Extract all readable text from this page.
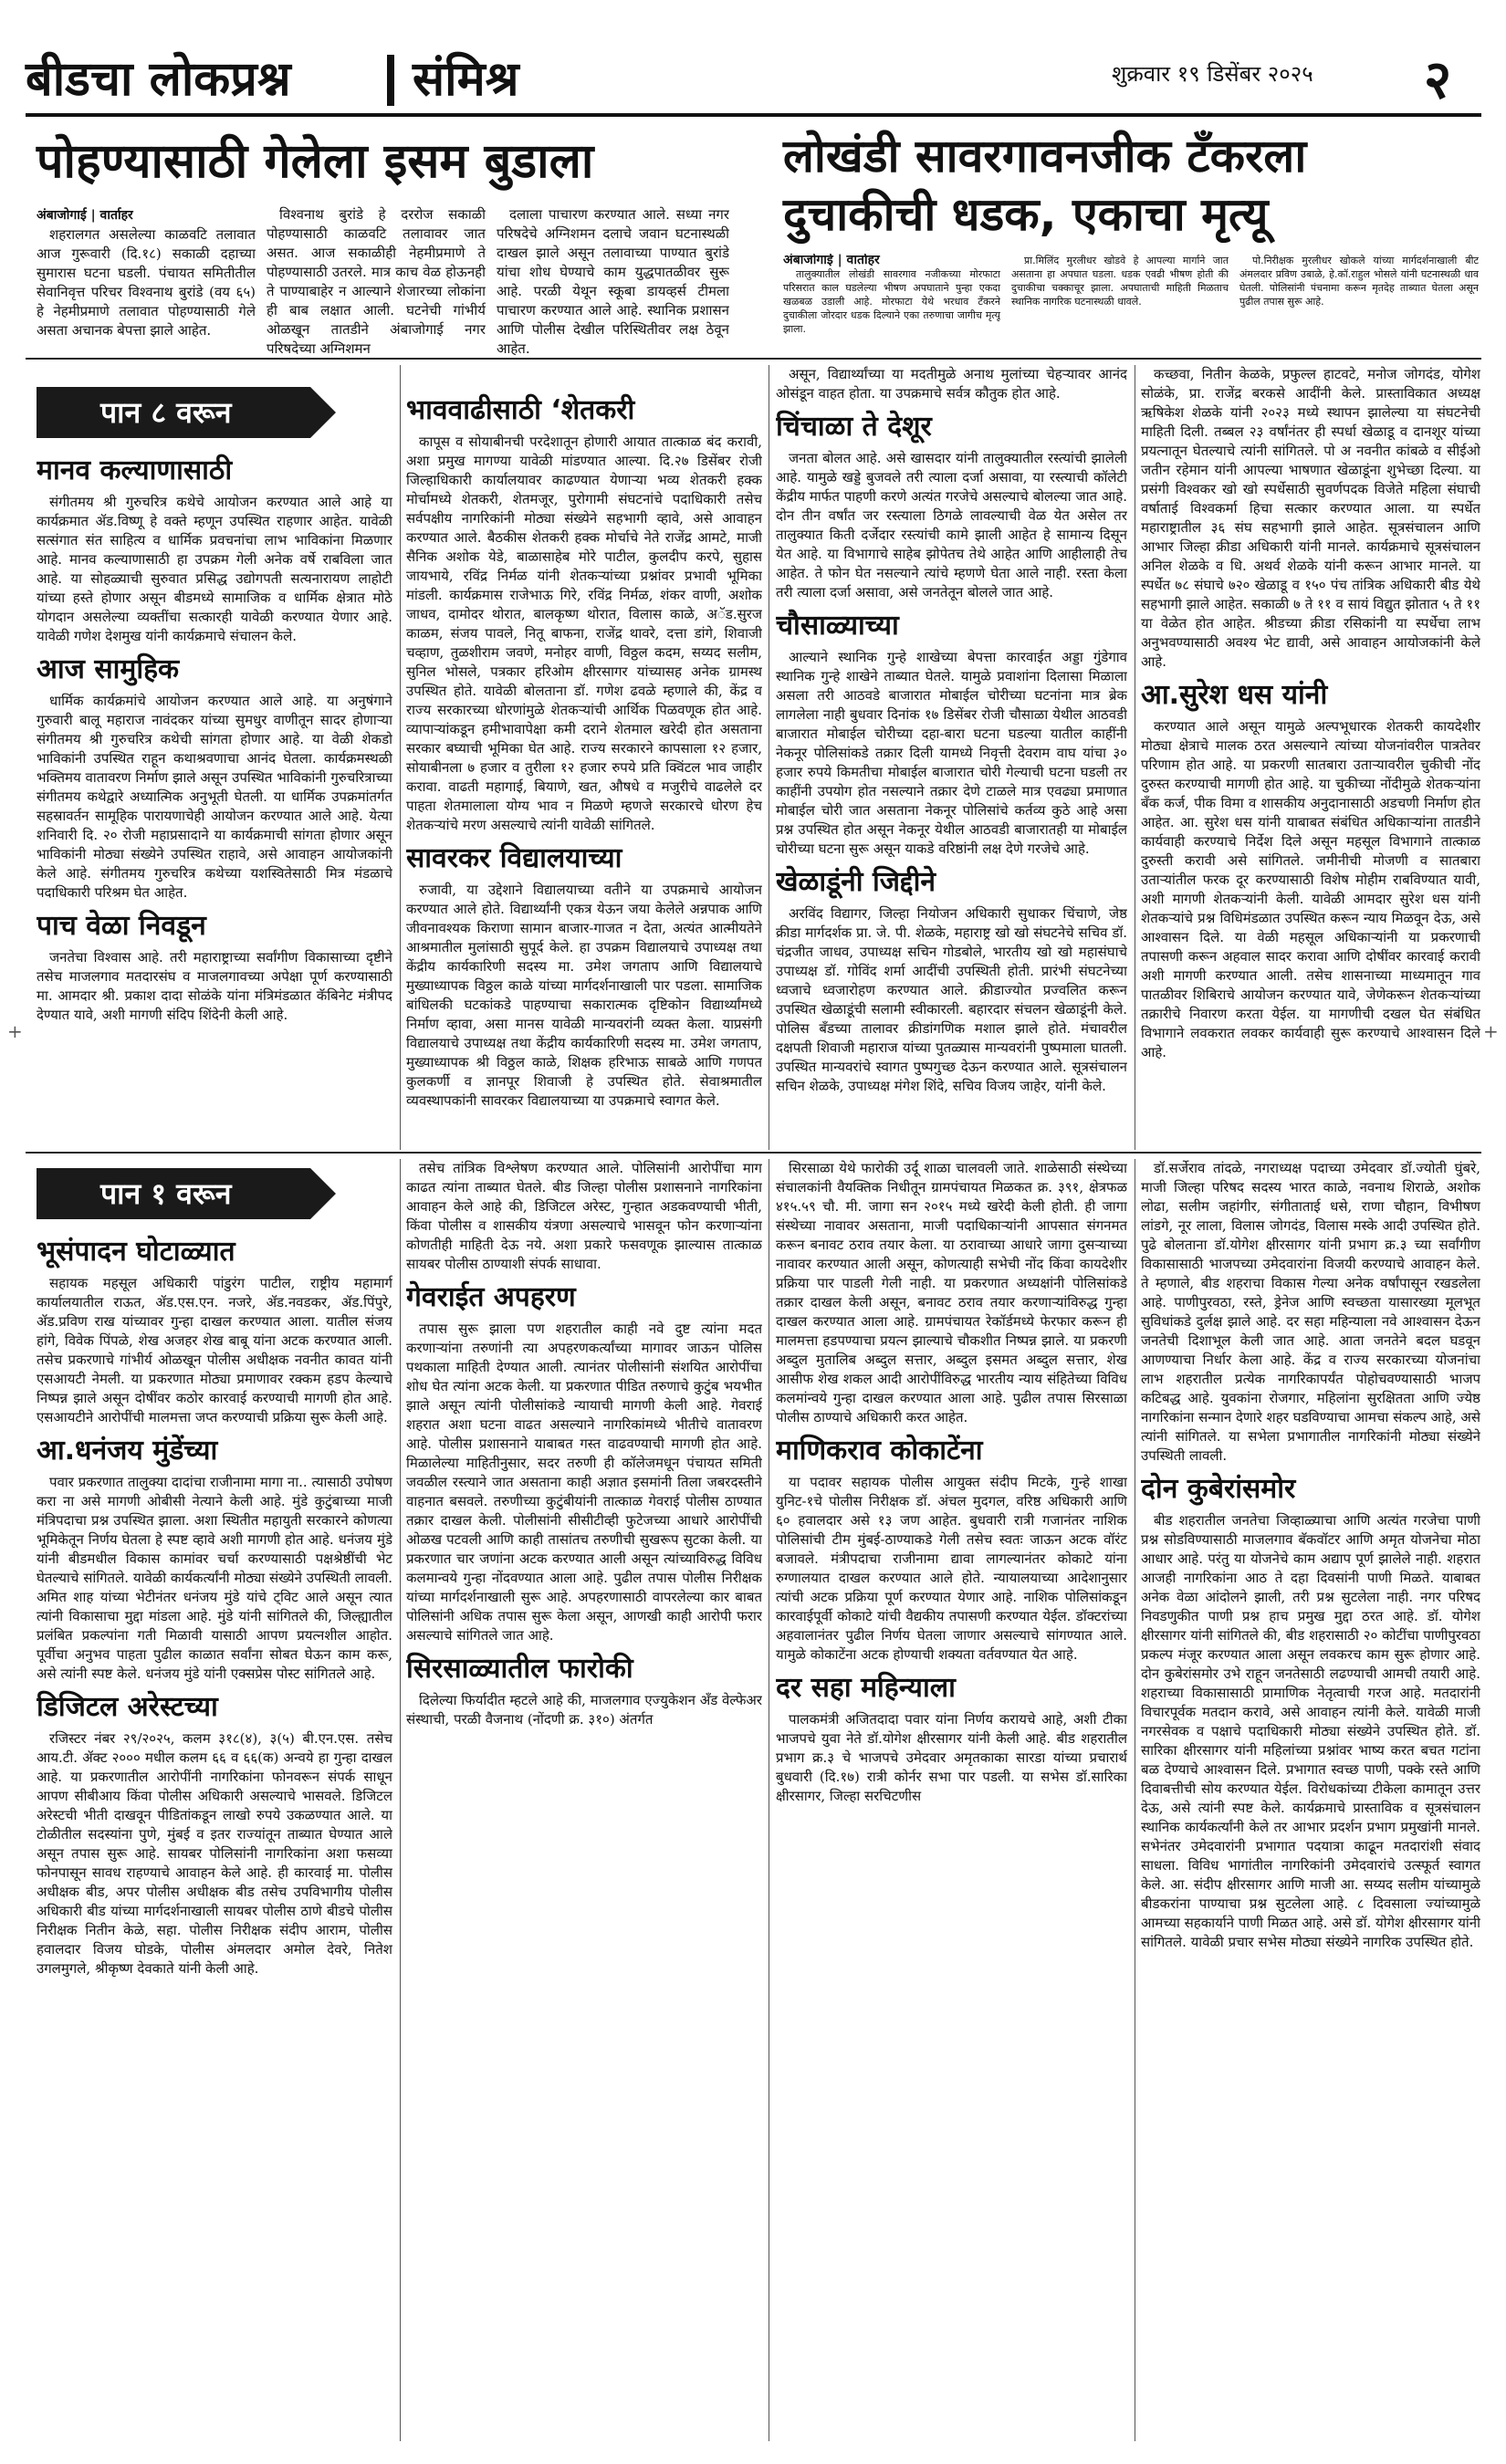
बीडचा लोकप्रश्न	संमिश्र	शुक्रवार १९ डिसेंबर २०२५ २
पोहण्यासाठी गेलेला इसम बुडाला
अंबाजोगाई | वार्ताहर

शहरालगत असलेल्या काळवटि तलावात आज गुरूवारी (दि.१८) सकाळी दहाच्या सुमारास घटना घडली. पंचायत समितीतील सेवानिवृत्त परिचर विश्वनाथ बुरांडे (वय ६५) हे नेहमीप्रमाणे तलावात पोहण्यासाठी गेले असता अचानक बेपत्ता झाले आहेत.

विश्वनाथ बुरांडे हे दररोज सकाळी पोहण्यासाठी काळवटि तलावावर जात असत. आज सकाळीही नेहमीप्रमाणे ते पोहण्यासाठी उतरले. मात्र काच वेळ होऊनही ते पाण्याबाहेर न आल्याने शेजारच्या लोकांना ही बाब लक्षात आली. घटनेची गांभीर्य ओळखून तातडीने अंबाजोगाई नगर परिषदेच्या अग्निशमन

दलाला पाचारण करण्यात आले. सध्या नगर परिषदेचे अग्निशमन दलाचे जवान घटनास्थळी दाखल झाले असून तलावाच्या पाण्यात बुरांडे यांचा शोध घेण्याचे काम युद्धपातळीवर सुरू आहे. परळी येथून स्कूबा डायव्हर्स टीमला पाचारण करण्यात आले आहे. स्थानिक प्रशासन आणि पोलीस देखील परिस्थितीवर लक्ष ठेवून आहेत.

लोखंडी सावरगावनजीक टँकरला
दुचाकीची धडक, एकाचा मृत्यू
अंबाजोगाई | वार्ताहर

तालुक्यातील लोखंडी सावरगाव नजीकच्या मोरफाटा परिसरात काल घडलेल्या भीषण अपघाताने पुन्हा एकदा खळबळ उडाली आहे. मोरफाटा येथे भरधाव टँकरने दुचाकीला जोरदार धडक दिल्याने एका तरुणाचा जागीच मृत्यू झाला.

प्रा.मिलिंद मुरलीधर खोडवे हे आपल्या मार्गाने जात असताना हा अपघात घडला. धडक एवढी भीषण होती की दुचाकीचा चक्काचूर झाला. अपघाताची माहिती मिळताच स्थानिक नागरिक घटनास्थळी धावले.

पो.निरीक्षक मुरलीधर खोकले यांच्या मार्गदर्शनाखाली बीट अंमलदार प्रविण उबाळे, हे.कॉ.राहुल भोसले यांनी घटनास्थळी धाव घेतली. पोलिसांनी पंचनामा करून मृतदेह ताब्यात घेतला असून पुढील तपास सुरू आहे.

पान ८ वरून
मानव कल्याणासाठी

संगीतमय श्री गुरुचरित्र कथेचे आयोजन करण्यात आले आहे या कार्यक्रमात ॲड.विष्णू हे वक्ते म्हणून उपस्थित राहणार आहेत. यावेळी सत्संगात संत साहित्य व धार्मिक प्रवचनांचा लाभ भाविकांना मिळणार आहे. मानव कल्याणासाठी हा उपक्रम गेली अनेक वर्षे राबविला जात आहे. या सोहळ्याची सुरुवात प्रसिद्ध उद्योगपती सत्यनारायण लाहोटी यांच्या हस्ते होणार असून बीडमध्ये सामाजिक व धार्मिक क्षेत्रात मोठे योगदान असलेल्या व्यक्तींचा सत्कारही यावेळी करण्यात येणार आहे. यावेळी गणेश देशमुख यांनी कार्यक्रमाचे संचालन केले.

आज सामुहिक

धार्मिक कार्यक्रमांचे आयोजन करण्यात आले आहे. या अनुषंगाने गुरुवारी बालू महाराज नावंदकर यांच्या सुमधुर वाणीतून सादर होणाऱ्या संगीतमय श्री गुरुचरित्र कथेची सांगता होणार आहे. या वेळी शेकडो भाविकांनी उपस्थित राहून कथाश्रवणाचा आनंद घेतला. कार्यक्रमस्थळी भक्तिमय वातावरण निर्माण झाले असून उपस्थित भाविकांनी गुरुचरित्राच्या संगीतमय कथेद्वारे अध्यात्मिक अनुभूती घेतली. या धार्मिक उपक्रमांतर्गत सहस्रावर्तन सामूहिक पारायणाचेही आयोजन करण्यात आले आहे. येत्या शनिवारी दि. २० रोजी महाप्रसादाने या कार्यक्रमाची सांगता होणार असून भाविकांनी मोठ्या संख्येने उपस्थित राहावे, असे आवाहन आयोजकांनी केले आहे. संगीतमय गुरुचरित्र कथेच्या यशस्वितेसाठी मित्र मंडळाचे पदाधिकारी परिश्रम घेत आहेत.

पाच वेळा निवडून

जनतेचा विश्वास आहे. तरी महाराष्ट्राच्या सर्वांगीण विकासाच्या दृष्टीने तसेच माजलगाव मतदारसंघ व माजलगावच्या अपेक्षा पूर्ण करण्यासाठी मा. आमदार श्री. प्रकाश दादा सोळंके यांना मंत्रिमंडळात कॅबिनेट मंत्रीपद देण्यात यावे, अशी मागणी संदिप शिंदेनी केली आहे.

भाववाढीसाठी ‘शेतकरी

कापूस व सोयाबीनची परदेशातून होणारी आयात तात्काळ बंद करावी, अशा प्रमुख मागण्या यावेळी मांडण्यात आल्या. दि.२७ डिसेंबर रोजी जिल्हाधिकारी कार्यालयावर काढण्यात येणाऱ्या भव्य शेतकरी हक्क मोर्चामध्ये शेतकरी, शेतमजूर, पुरोगामी संघटनांचे पदाधिकारी तसेच सर्वपक्षीय नागरिकांनी मोठ्या संख्येने सहभागी व्हावे, असे आवाहन करण्यात आले. बैठकीस शेतकरी हक्क मोर्चाचे नेते राजेंद्र आमटे, माजी सैनिक अशोक येडे, बाळासाहेब मोरे पाटील, कुलदीप करपे, सुहास जायभाये, रविंद्र निर्मळ यांनी शेतकऱ्यांच्या प्रश्नांवर प्रभावी भूमिका मांडली. कार्यक्रमास राजेभाऊ गिरे, रविंद्र निर्मळ, शंकर वाणी, अशोक जाधव, दामोदर थोरात, बालकृष्ण थोरात, विलास काळे, अॅड.सुरज काळम, संजय पावले, नितू बाफना, राजेंद्र थावरे, दत्ता डांगे, शिवाजी चव्हाण, तुळशीराम जवणे, मनोहर वाणी, विठ्ठल कदम, सय्यद सलीम, सुनिल भोसले, पत्रकार हरिओम क्षीरसागर यांच्यासह अनेक ग्रामस्थ उपस्थित होते. यावेळी बोलताना डॉ. गणेश ढवळे म्हणाले की, केंद्र व राज्य सरकारच्या धोरणांमुळे शेतकऱ्यांची आर्थिक पिळवणूक होत आहे. व्यापाऱ्यांकडून हमीभावापेक्षा कमी दराने शेतमाल खरेदी होत असताना सरकार बघ्याची भूमिका घेत आहे. राज्य सरकारने कापसाला १२ हजार, सोयाबीनला ७ हजार व तुरीला १२ हजार रुपये प्रति क्विंटल भाव जाहीर करावा. वाढती महागाई, बियाणे, खत, औषधे व मजुरीचे वाढलेले दर पाहता शेतमालाला योग्य भाव न मिळणे म्हणजे सरकारचे धोरण हेच शेतकऱ्यांचे मरण असल्याचे त्यांनी यावेळी सांगितले.

सावरकर विद्यालयाच्या

रुजावी, या उद्देशाने विद्यालयाच्या वतीने या उपक्रमाचे आयोजन करण्यात आले होते. विद्यार्थ्यांनी एकत्र येऊन जया केलेले अन्नपाक आणि जीवनावश्यक किराणा सामान बाजार-गाजत न देता, अत्यंत आत्मीयतेने आश्रमातील मुलांसाठी सुपूर्द केले. हा उपक्रम विद्यालयाचे उपाध्यक्ष तथा केंद्रीय कार्यकारिणी सदस्य मा. उमेश जगताप आणि विद्यालयाचे मुख्याध्यापक विठ्ठल काळे यांच्या मार्गदर्शनाखाली पार पडला. सामाजिक बांधिलकी घटकांकडे पाहण्याचा सकारात्मक दृष्टिकोन विद्यार्थ्यांमध्ये निर्माण व्हावा, असा मानस यावेळी मान्यवरांनी व्यक्त केला. याप्रसंगी विद्यालयाचे उपाध्यक्ष तथा केंद्रीय कार्यकारिणी सदस्य मा. उमेश जगताप, मुख्याध्यापक श्री विठ्ठल काळे, शिक्षक हरिभाऊ साबळे आणि गणपत कुलकर्णी व ज्ञानपूर शिवाजी हे उपस्थित होते. सेवाश्रमातील व्यवस्थापकांनी सावरकर विद्यालयाच्या या उपक्रमाचे स्वागत केले.

असून, विद्यार्थ्यांच्या या मदतीमुळे अनाथ मुलांच्या चेहऱ्यावर आनंद ओसंडून वाहत होता. या उपक्रमाचे सर्वत्र कौतुक होत आहे.

चिंचाळा ते देशूर

जनता बोलत आहे. असे खासदार यांनी तालुक्यातील रस्त्यांची झालेली आहे. यामुळे खड्डे बुजवले तरी त्याला दर्जा असावा, या रस्त्याची कॉलेटी केंद्रीय मार्फत पाहणी करणे अत्यंत गरजेचे असल्याचे बोलल्या जात आहे. दोन तीन वर्षांत जर रस्त्याला ठिगळे लावल्याची वेळ येत असेल तर तालुक्यात किती दर्जेदार रस्त्यांची कामे झाली आहेत हे सामान्य दिसून येत आहे. या विभागाचे साहेब झोपेतच तेथे आहेत आणि आहीलाही तेच आहेत. ते फोन घेत नसल्याने त्यांचे म्हणणे घेता आले नाही. रस्ता केला तरी त्याला दर्जा असावा, असे जनतेतून बोलले जात आहे.

चौसाळ्याच्या

आल्याने स्थानिक गुन्हे शाखेच्या बेपत्ता कारवाईत अड्डा गुंडेगाव स्थानिक गुन्हे शाखेने ताब्यात घेतले. यामुळे प्रवाशांना दिलासा मिळाला असला तरी आठवडे बाजारात मोबाईल चोरीच्या घटनांना मात्र ब्रेक लागलेला नाही बुधवार दिनांक १७ डिसेंबर रोजी चौसाळा येथील आठवडी बाजारात मोबाईल चोरीच्या दहा-बारा घटना घडल्या यातील काहींनी नेकनूर पोलिसांकडे तक्रार दिली यामध्ये निवृत्ती देवराम वाघ यांचा ३० हजार रुपये किमतीचा मोबाईल बाजारात चोरी गेल्याची घटना घडली तर काहींनी उपयोग होत नसल्याने तक्रार देणे टाळले मात्र एवढ्या प्रमाणात मोबाईल चोरी जात असताना नेकनूर पोलिसांचे कर्तव्य कुठे आहे असा प्रश्न उपस्थित होत असून नेकनूर येथील आठवडी बाजारातही या मोबाईल चोरीच्या घटना सुरू असून याकडे वरिष्ठांनी लक्ष देणे गरजेचे आहे.

खेळाडूंनी जिद्दीने

अरविंद विद्यागर, जिल्हा नियोजन अधिकारी सुधाकर चिंचाणे, जेष्ठ क्रीडा मार्गदर्शक प्रा. जे. पी. शेळके, महाराष्ट्र खो खो संघटनेचे सचिव डॉ. चंद्रजीत जाधव, उपाध्यक्ष सचिन गोडबोले, भारतीय खो खो महासंघाचे उपाध्यक्ष डॉ. गोविंद शर्मा आदींची उपस्थिती होती. प्रारंभी संघटनेच्या ध्वजाचे ध्वजारोहण करण्यात आले. क्रीडाज्योत प्रज्वलित करून उपस्थित खेळाडूंची सलामी स्वीकारली. बहारदार संचलन खेळाडूंनी केले. पोलिस बँडच्या तालावर क्रीडांगणिक मशाल झाले होते. मंचावरील दक्षपती शिवाजी महाराज यांच्या पुतळ्यास मान्यवरांनी पुष्पमाला घातली. उपस्थित मान्यवरांचे स्वागत पुष्पगुच्छ देऊन करण्यात आले. सूत्रसंचालन सचिन शेळके, उपाध्यक्ष मंगेश शिंदे, सचिव विजय जाहेर, यांनी केले.

कच्छवा, नितीन केळके, प्रफुल्ल हाटवटे, मनोज जोगदंड, योगेश सोळंके, प्रा. राजेंद्र बरकसे आदींनी केले. प्रास्ताविकात अध्यक्ष ऋषिकेश शेळके यांनी २०२३ मध्ये स्थापन झालेल्या या संघटनेची माहिती दिली. तब्बल २३ वर्षांनंतर ही स्पर्धा खेळाडू व दानशूर यांच्या प्रयत्नातून घेतल्याचे त्यांनी सांगितले. पो अ नवनीत कांबळे व सीईओ जतीन रहेमान यांनी आपल्या भाषणात खेळाडूंना शुभेच्छा दिल्या. या प्रसंगी विश्वकर खो खो स्पर्धेसाठी सुवर्णपदक विजेते महिला संघाची वर्षाताई विश्वकर्मा हिचा सत्कार करण्यात आला. या स्पर्धेत महाराष्ट्रातील ३६ संघ सहभागी झाले आहेत. सूत्रसंचालन आणि आभार जिल्हा क्रीडा अधिकारी यांनी मानले. कार्यक्रमाचे सूत्रसंचालन अनिल शेळके व धि. अथर्व शेळके यांनी करून आभार मानले. या स्पर्धेत ७८ संघाचे ७२० खेळाडू व १५० पंच तांत्रिक अधिकारी बीड येथे सहभागी झाले आहेत. सकाळी ७ ते ११ व सायं विद्युत झोतात ५ ते ११ या वेळेत होत आहेत. श्रीडच्या क्रीडा रसिकांनी या स्पर्धेचा लाभ अनुभवण्यासाठी अवश्य भेट द्यावी, असे आवाहन आयोजकांनी केले आहे.

आ.सुरेश धस यांनी

करण्यात आले असून यामुळे अल्पभूधारक शेतकरी कायदेशीर मोठ्या क्षेत्राचे मालक ठरत असल्याने त्यांच्या योजनांवरील पात्रतेवर परिणाम होत आहे. या प्रकरणी सातबारा उताऱ्यावरील चुकीची नोंद दुरुस्त करण्याची मागणी होत आहे. या चुकीच्या नोंदीमुळे शेतकऱ्यांना बँक कर्ज, पीक विमा व शासकीय अनुदानासाठी अडचणी निर्माण होत आहेत. आ. सुरेश धस यांनी याबाबत संबंधित अधिकाऱ्यांना तातडीने कार्यवाही करण्याचे निर्देश दिले असून महसूल विभागाने तात्काळ दुरुस्ती करावी असे सांगितले. जमीनीची मोजणी व सातबारा उताऱ्यांतील फरक दूर करण्यासाठी विशेष मोहीम राबविण्यात यावी, अशी मागणी शेतकऱ्यांनी केली. यावेळी आमदार सुरेश धस यांनी शेतकऱ्यांचे प्रश्न विधिमंडळात उपस्थित करून न्याय मिळवून देऊ, असे आश्वासन दिले. या वेळी महसूल अधिकाऱ्यांनी या प्रकरणाची तपासणी करून अहवाल सादर करावा आणि दोषींवर कारवाई करावी अशी मागणी करण्यात आली. तसेच शासनाच्या माध्यमातून गाव पातळीवर शिबिराचे आयोजन करण्यात यावे, जेणेकरून शेतकऱ्यांच्या तक्रारीचे निवारण करता येईल. या मागणीची दखल घेत संबंधित विभागाने लवकरात लवकर कार्यवाही सुरू करण्याचे आश्वासन दिले आहे.

पान १ वरून
भूसंपादन घोटाळ्यात

सहायक महसूल अधिकारी पांडुरंग पाटील, राष्ट्रीय महामार्ग कार्यालयातील राऊत, ॲड.एस.एन. नजरे, ॲड.नवडकर, ॲड.पिंपुरे, ॲड.प्रविण राख यांच्यावर गुन्हा दाखल करण्यात आला. यातील संजय हांगे, विवेक पिंपळे, शेख अजहर शेख बाबू यांना अटक करण्यात आली. तसेच प्रकरणाचे गांभीर्य ओळखून पोलीस अधीक्षक नवनीत कावत यांनी एसआयटी नेमली. या प्रकरणात मोठ्या प्रमाणावर रक्कम हडप केल्याचे निष्पन्न झाले असून दोषींवर कठोर कारवाई करण्याची मागणी होत आहे. एसआयटीने आरोपींची मालमत्ता जप्त करण्याची प्रक्रिया सुरू केली आहे.

आ.धनंजय मुंडेंच्या

पवार प्रकरणात तालुक्या दादांचा राजीनामा मागा ना.. त्यासाठी उपोषण करा ना असे मागणी ओबीसी नेत्याने केली आहे. मुंडे कुटुंबाच्या माजी मंत्रिपदाचा प्रश्न उपस्थित झाला. अशा स्थितीत महायुती सरकारने कोणत्या भूमिकेतून निर्णय घेतला हे स्पष्ट व्हावे अशी मागणी होत आहे. धनंजय मुंडे यांनी बीडमधील विकास कामांवर चर्चा करण्यासाठी पक्षश्रेष्ठींची भेट घेतल्याचे सांगितले. यावेळी कार्यकर्त्यांनी मोठ्या संख्येने उपस्थिती लावली. अमित शाह यांच्या भेटीनंतर धनंजय मुंडे यांचे ट्विट आले असून त्यात त्यांनी विकासाचा मुद्दा मांडला आहे. मुंडे यांनी सांगितले की, जिल्ह्यातील प्रलंबित प्रकल्पांना गती मिळावी यासाठी आपण प्रयत्नशील आहोत. पूर्वीचा अनुभव पाहता पुढील काळात सर्वांना सोबत घेऊन काम करू, असे त्यांनी स्पष्ट केले. धनंजय मुंडे यांनी एक्सप्रेस पोस्ट सांगितले आहे.

डिजिटल अरेस्टच्या

रजिस्टर नंबर २९/२०२५, कलम ३१८(४), ३(५) बी.एन.एस. तसेच आय.टी. ॲक्ट २००० मधील कलम ६६ व ६६(क) अन्वये हा गुन्हा दाखल आहे. या प्रकरणातील आरोपींनी नागरिकांना फोनवरून संपर्क साधून आपण सीबीआय किंवा पोलीस अधिकारी असल्याचे भासवले. डिजिटल अरेस्टची भीती दाखवून पीडितांकडून लाखो रुपये उकळण्यात आले. या टोळीतील सदस्यांना पुणे, मुंबई व इतर राज्यांतून ताब्यात घेण्यात आले असून तपास सुरू आहे. सायबर पोलिसांनी नागरिकांना अशा फसव्या फोनपासून सावध राहण्याचे आवाहन केले आहे. ही कारवाई मा. पोलीस अधीक्षक बीड, अपर पोलीस अधीक्षक बीड तसेच उपविभागीय पोलीस अधिकारी बीड यांच्या मार्गदर्शनाखाली सायबर पोलीस ठाणे बीडचे पोलीस निरीक्षक नितीन केळे, सहा. पोलीस निरीक्षक संदीप आराम, पोलीस हवालदार विजय घोडके, पोलीस अंमलदार अमोल देवरे, नितेश उगलमुगले, श्रीकृष्ण देवकाते यांनी केली आहे.

तसेच तांत्रिक विश्लेषण करण्यात आले. पोलिसांनी आरोपींचा माग काढत त्यांना ताब्यात घेतले. बीड जिल्हा पोलीस प्रशासनाने नागरिकांना आवाहन केले आहे की, डिजिटल अरेस्ट, गुन्हात अडकवण्याची भीती, किंवा पोलीस व शासकीय यंत्रणा असल्याचे भासवून फोन करणाऱ्यांना कोणतीही माहिती देऊ नये. अशा प्रकारे फसवणूक झाल्यास तात्काळ सायबर पोलीस ठाण्याशी संपर्क साधावा.

गेवराईत अपहरण

तपास सुरू झाला पण शहरातील काही नवे दुष्ट त्यांना मदत करणाऱ्यांना तरुणांनी त्या अपहरणकर्त्यांच्या मागावर जाऊन पोलिस पथकाला माहिती देण्यात आली. त्यानंतर पोलीसांनी संशयित आरोपींचा शोध घेत त्यांना अटक केली. या प्रकरणात पीडित तरुणाचे कुटुंब भयभीत झाले असून त्यांनी पोलीसांकडे न्यायाची मागणी केली आहे. गेवराई शहरात अशा घटना वाढत असल्याने नागरिकांमध्ये भीतीचे वातावरण आहे. पोलीस प्रशासनाने याबाबत गस्त वाढवण्याची मागणी होत आहे. मिळालेल्या माहितीनुसार, सदर तरुणी ही कॉलेजमधून पंचायत समिती जवळील रस्त्याने जात असताना काही अज्ञात इसमांनी तिला जबरदस्तीने वाहनात बसवले. तरुणीच्या कुटुंबीयांनी तात्काळ गेवराई पोलीस ठाण्यात तक्रार दाखल केली. पोलीसांनी सीसीटीव्ही फुटेजच्या आधारे आरोपींची ओळख पटवली आणि काही तासांतच तरुणीची सुखरूप सुटका केली. या प्रकरणात चार जणांना अटक करण्यात आली असून त्यांच्याविरुद्ध विविध कलमान्वये गुन्हा नोंदवण्यात आला आहे. पुढील तपास पोलीस निरीक्षक यांच्या मार्गदर्शनाखाली सुरू आहे. अपहरणासाठी वापरलेल्या कार बाबत पोलिसांनी अधिक तपास सुरू केला असून, आणखी काही आरोपी फरार असल्याचे सांगितले जात आहे.

सिरसाळ्यातील फारोकी

दिलेल्या फिर्यादीत म्हटले आहे की, माजलगाव एज्युकेशन अँड वेल्फेअर संस्थाची, परळी वैजनाथ (नोंदणी क्र. ३१०) अंतर्गत

सिरसाळा येथे फारोकी उर्दू शाळा चालवली जाते. शाळेसाठी संस्थेच्या संचालकांनी वैयक्तिक निधीतून ग्रामपंचायत मिळकत क्र. ३९१, क्षेत्रफळ ४१५.५९ चौ. मी. जागा सन २०१५ मध्ये खरेदी केली होती. ही जागा संस्थेच्या नावावर असताना, माजी पदाधिकाऱ्यांनी आपसात संगनमत करून बनावट ठराव तयार केला. या ठरावाच्या आधारे जागा दुसऱ्याच्या नावावर करण्यात आली असून, कोणत्याही सभेची नोंद किंवा कायदेशीर प्रक्रिया पार पाडली गेली नाही. या प्रकरणात अध्यक्षांनी पोलिसांकडे तक्रार दाखल केली असून, बनावट ठराव तयार करणाऱ्यांविरुद्ध गुन्हा दाखल करण्यात आला आहे. ग्रामपंचायत रेकॉर्डमध्ये फेरफार करून ही मालमत्ता हडपण्याचा प्रयत्न झाल्याचे चौकशीत निष्पन्न झाले. या प्रकरणी अब्दुल मुतालिब अब्दुल सत्तार, अब्दुल इसमत अब्दुल सत्तार, शेख आसीफ शेख शकल आदी आरोपींविरुद्ध भारतीय न्याय संहितेच्या विविध कलमांन्वये गुन्हा दाखल करण्यात आला आहे. पुढील तपास सिरसाळा पोलीस ठाण्याचे अधिकारी करत आहेत.

माणिकराव कोकाटेंना

या पदावर सहायक पोलीस आयुक्त संदीप मिटके, गुन्हे शाखा युनिट-१चे पोलीस निरीक्षक डॉ. अंचल मुदगल, वरिष्ठ अधिकारी आणि ६० हवालदार असे १३ जण आहेत. बुधवारी रात्री गजानंतर नाशिक पोलिसांची टीम मुंबई-ठाण्याकडे गेली तसेच स्वतः जाऊन अटक वॉरंट बजावले. मंत्रीपदाचा राजीनामा द्यावा लागल्यानंतर कोकाटे यांना रुग्णालयात दाखल करण्यात आले होते. न्यायालयाच्या आदेशानुसार त्यांची अटक प्रक्रिया पूर्ण करण्यात येणार आहे. नाशिक पोलिसांकडून कारवाईपूर्वी कोकाटे यांची वैद्यकीय तपासणी करण्यात येईल. डॉक्टरांच्या अहवालानंतर पुढील निर्णय घेतला जाणार असल्याचे सांगण्यात आले. यामुळे कोकाटेंना अटक होण्याची शक्यता वर्तवण्यात येत आहे.

दर सहा महिन्याला

पालकमंत्री अजितदादा पवार यांना निर्णय करायचे आहे, अशी टीका भाजपचे युवा नेते डॉ.योगेश क्षीरसागर यांनी केली आहे. बीड शहरातील प्रभाग क्र.३ चे भाजपचे उमेदवार अमृतकाका सारडा यांच्या प्रचारार्थ बुधवारी (दि.१७) रात्री कोर्नर सभा पार पडली. या सभेस डॉ.सारिका क्षीरसागर, जिल्हा सरचिटणीस

डॉ.सर्जेराव तांदळे, नगराध्यक्ष पदाच्या उमेदवार डॉ.ज्योती घुंबरे, माजी जिल्हा परिषद सदस्य भारत काळे, नवनाथ शिराळे, अशोक लोढा, सलीम जहांगीर, संगीताताई धसे, राणा चौहान, विभीषण लांडगे, नूर लाला, विलास जोगदंड, विलास मस्के आदी उपस्थित होते. पुढे बोलताना डॉ.योगेश क्षीरसागर यांनी प्रभाग क्र.३ च्या सर्वांगीण विकासासाठी भाजपच्या उमेदवारांना विजयी करण्याचे आवाहन केले. ते म्हणाले, बीड शहराचा विकास गेल्या अनेक वर्षांपासून रखडलेला आहे. पाणीपुरवठा, रस्ते, ड्रेनेज आणि स्वच्छता यासारख्या मूलभूत सुविधांकडे दुर्लक्ष झाले आहे. दर सहा महिन्याला नवे आश्वासन देऊन जनतेची दिशाभूल केली जात आहे. आता जनतेने बदल घडवून आणण्याचा निर्धार केला आहे. केंद्र व राज्य सरकारच्या योजनांचा लाभ शहरातील प्रत्येक नागरिकापर्यंत पोहोचवण्यासाठी भाजप कटिबद्ध आहे. युवकांना रोजगार, महिलांना सुरक्षितता आणि ज्येष्ठ नागरिकांना सन्मान देणारे शहर घडविण्याचा आमचा संकल्प आहे, असे त्यांनी सांगितले. या सभेला प्रभागातील नागरिकांनी मोठ्या संख्येने उपस्थिती लावली.

दोन कुबेरांसमोर

बीड शहरातील जनतेचा जिव्हाळ्याचा आणि अत्यंत गरजेचा पाणी प्रश्न सोडविण्यासाठी माजलगाव बॅकवॉटर आणि अमृत योजनेचा मोठा आधार आहे. परंतु या योजनेचे काम अद्याप पूर्ण झालेले नाही. शहरात आजही नागरिकांना आठ ते दहा दिवसांनी पाणी मिळते. याबाबत अनेक वेळा आंदोलने झाली, तरी प्रश्न सुटलेला नाही. नगर परिषद निवडणुकीत पाणी प्रश्न हाच प्रमुख मुद्दा ठरत आहे. डॉ. योगेश क्षीरसागर यांनी सांगितले की, बीड शहरासाठी २० कोटींचा पाणीपुरवठा प्रकल्प मंजूर करण्यात आला असून लवकरच काम सुरू होणार आहे. दोन कुबेरांसमोर उभे राहून जनतेसाठी लढण्याची आमची तयारी आहे. शहराच्या विकासासाठी प्रामाणिक नेतृत्वाची गरज आहे. मतदारांनी विचारपूर्वक मतदान करावे, असे आवाहन त्यांनी केले. यावेळी माजी नगरसेवक व पक्षाचे पदाधिकारी मोठ्या संख्येने उपस्थित होते. डॉ. सारिका क्षीरसागर यांनी महिलांच्या प्रश्नांवर भाष्य करत बचत गटांना बळ देण्याचे आश्वासन दिले. प्रभागात स्वच्छ पाणी, पक्के रस्ते आणि दिवाबत्तीची सोय करण्यात येईल. विरोधकांच्या टीकेला कामातून उत्तर देऊ, असे त्यांनी स्पष्ट केले. कार्यक्रमाचे प्रास्ताविक व सूत्रसंचालन स्थानिक कार्यकर्त्यांनी केले तर आभार प्रदर्शन प्रभाग प्रमुखांनी मानले. सभेनंतर उमेदवारांनी प्रभागात पदयात्रा काढून मतदारांशी संवाद साधला. विविध भागांतील नागरिकांनी उमेदवारांचे उत्स्फूर्त स्वागत केले. आ. संदीप क्षीरसागर आणि माजी आ. सय्यद सलीम यांच्यामुळे बीडकरांना पाण्याचा प्रश्न सुटलेला आहे. ८ दिवसाला ज्यांच्यामुळे आमच्या सहकार्याने पाणी मिळत आहे. असे डॉ. योगेश क्षीरसागर यांनी सांगितले. यावेळी प्रचार सभेस मोठ्या संख्येने नागरिक उपस्थित होते.

+	+
